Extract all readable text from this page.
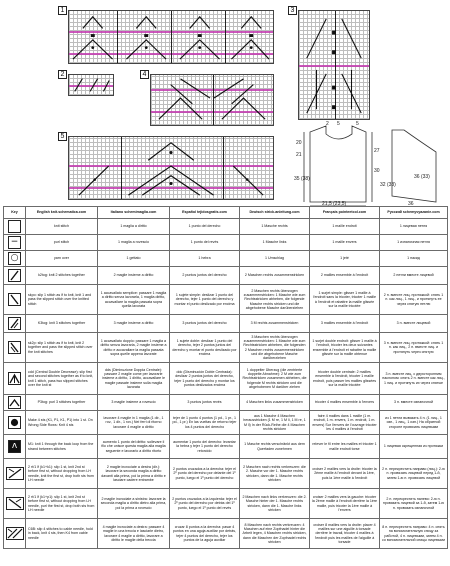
1
2	4
5
3
2 5	5
20
21
27
30
35 (38)
32 (33)
36 (33)
21,5 (23,5)	36
Key	English knit.schematica.com	Italiano schemimaglia.com	Español tejidosgratis.com	Deutsch strick.anleitung.com	Français pointeetcol.com	Русский schemyvyazanie.com

	knit stitch	1 maglia a diritto	1 punto del derecho	1 Masche rechts	1 maille endroit	1 лицевая петля

−	purl stitch	1 maglia a rovescio	1 punto del revés	1 Masche links	1 maille envers	1 изнаночная петля

○	yarn over	1 gettato	1 hebra	1 Umschlag	1 jeté	1 накид

	k2tog: knit 2 stitches together	2 maglie insieme a diritto	2 puntos juntos del derecho	2 Maschen rechts zusammenstricken	2 mailles ensemble à l'endroit	2 петли вместе лицевой

	skpo: slip 1 stitch as if to knit, knit 1 and pass the slipped stitch over the knitted stitch	1 accavallato semplice: passare 1 maglia a diritto senza lavorarla, 1 maglia diritto, accavallare la maglia passata sopra quella lavorata	1 sujete simple: deslizar 1 punto del derecho, tejer 1 punto del derecho y montar el punto deslizado por encima	2 Maschen rechts überzogen zusammenstricken: 1 Masche wie zum Rechtsstricken abheben, die folgende Masche rechts stricken und die abgehobene Masche darüberziehen	1 surjet simple: glisser 1 maille à l'endroit sans la tricoter, tricoter 1 maille à l'endroit et rabattre la maille glissée sur la maille tricotée	2 п. вместе лиц. протяжкой: снять 1 п. как лиц., 1 лиц., и протянуть ее через снятую петлю

	K3tog: knit 3 stitches together	3 maglie insieme a diritto	3 puntos juntos del derecho	3 M rechts zusammenstricken	3 mailles ensemble à l'endroit	3 п. вместе лицевой

	sk2p: slip 1 stitch as if to knit, knit 2 together and pass the slipped stitch over the knit stitches	1 accavallato doppio: passare 1 maglia a diritto senza lavorarla, 2 maglie insieme a diritto e accavallare la maglia passata sopra quelle appena lavorate	1 sujete doble: deslizar 1 punto del derecho, tejer 2 puntos juntos del derecho y montar el punto deslizado por encima	3 Maschen rechts überzogen zusammenstricken: 1 Masche wie zum Rechtsstricken abheben, die folgenden 2 Maschen rechts zusammenstricken und die abgehobene Masche darüberziehen	1 surjet double endroit: glisser 1 maille à l'endroit, tricoter les deux suivantes ensemble à l'endroit et rabattre la maille glissée sur la maille obtenue	3 п. вместе лиц. протяжкой: снять 1 п. как лиц., 2 п. вместе лиц. и протянуть через снятую

	cdd (Central Double Decrease): slip first and second stitches together as if to knit, knit 1 stitch, pass two slipped stitches over the knit st	dds (Diminuzione Doppia Centrale): passare 2 maglie come per lavorarle insieme a diritto, 1 diritto, accavallare le maglie passate insieme sulla maglia lavorata	ddc (Disminución Doble Centrada): deslizar 2 puntos juntos del derecho, tejer 1 punto del derecho y montar los puntos deslizados encima	1 doppelter Überzug (die zentrierte doppelte Abnahme): 2 M wie zum Rechtsstricken zusammen abheben, die folgende M rechts stricken und die abgehobenen M darüber ziehen	tricoter double centrale: 2 mailles ensemble à l'endroit, tricoter 1 maille endroit, puis passer les mailles glissées sur la maille tricotée	3 п. вместе лиц. с двухсторонним наклоном: снять 2 п. вместе как лиц., 1 лиц. и протянуть их через снятые

	P3tog: purl 3 stitches together	3 maglie insieme a rovescio	3 puntos juntos revés	4 Maschen links zusammenstricken	tricoter 4 mailles ensemble à l'envers	3 п. вместе изнаночной

	Make 4 sts (K1, P1, K1, P1) into 1 st. On Wrong Side Rows: Knit 4 sts	lavorare 4 maglie in 1 maglia (1 dir., 1 rov., 1 dir., 1 rov.) Nei ferri di ritorno lavorare 4 maglie a diritto	tejer de 1 punto 4 puntos (1 pd., 1 pr., 1 pd., 1 pr.) En las vueltas de retorno tejer los 4 puntos del derecho	aus 1 Masche 4 Maschen herausstricken (1 M re, 1 M li, 1 M re, 1 M li) In der Rück-Reihe die 4 Maschen rechts stricken	faire 4 mailles dans 1 maille (1 m. endroit, 1 m. envers, 1 m. endroit, 1 m. envers) Sur l'envers de l'ouvrage tricoter les 4 mailles à l'endroit	из 1 петли вывязать 4 п. (1 лиц., 1 изн., 1 лиц., 1 изн.) На обратной стороне провязать лицевыми

ᴧ	M1: knit 1 through the back loop from the strand between stitches	aumento 1 punto del diritto: sollevare il filo che unisce questa maglia alla maglia seguente e lavorarlo a diritto ritorto	aumentar 1 punto del derecho: levantar la hebra y tejer 1 punto del derecho retorcido	1 Masche rechts verschränkt aus dem Querfaden zunehmen	relever le fil entre les mailles et tricoter 1 maille endroit torse	1 лицевая скрещенная из протяжки

	2 rt/1 lf (k1+k1): slip 1 st, knit 2nd st before first st, without dropping from LH needle, knit the first st, drop both sts from LH needle	2 maglie incrociate a destra (dir.): lavorare la seconda maglia a diritto davanti alla prima, poi la prima a diritto e lasciare cadere entrambe	2 puntos cruzados a la derecha: tejer el 2º punto del derecho por delante del 1º punto, luego el 1º punto del derecho	2 Maschen nach rechts verkreuzen: die 2. Masche vor der 1. Masche rechts stricken, dann die 1. Masche rechts stricken	croiser 2 mailles vers la droite: tricoter la 2ème maille à l'endroit devant la 1ère, puis la 1ère maille à l'endroit	2 п. перекрестить направо (лиц.): 2-ю п. провязать лицевой перед 1-й, затем 1-ю п. провязать лицевой

	2 rt/1 lf (k1+p1): slip 1 st, knit 2nd st before first st, without dropping from LH needle, purl the first st, drop both sts from LH needle	2 maglie incrociate a sinistra: lavorare la seconda maglia a diritto dietro alla prima, poi la prima a rovescio	2 puntos cruzados a la izquierda: tejer el 2º punto del derecho por detrás del 1º punto, luego el 1º punto del revés	2 Maschen nach links verkreuzen: die 2. Masche hinter der 1. Masche rechts stricken, dann die 1. Masche links stricken	croiser 2 mailles vers la gauche: tricoter la 2ème maille à l'endroit derrière la 1ère maille, puis tricoter la 1ère maille à l'envers	2 п. перекрестить налево: 2-ю п. провязать лицевой за 1-й, затем 1-ю п. провязать изнаночной

	C6B: slip 4 stitches to cable needle, hold in back, knit 4 sts, then K4 from cable needle	4 maglie incrociate a destra: passare 4 maglie in una treccia e lasciarle dietro, lavorare 4 maglie a diritto, lavorare a diritto le maglie della treccia	cruzar 8 puntos a la derecha: pasar 4 puntos en una aguja auxiliar por detrás, tejer 4 puntos del derecho, tejer los puntos de la aguja auxiliar	8 Maschen nach rechts verkreuzen: 4 Maschen auf eine Zopfnadel hinter die Arbeit legen, 4 Maschen rechts stricken, dann die Maschen der Zopfnadel rechts stricken	croiser 8 mailles vers la droite: placer 4 mailles sur une aiguille à torsade derrière le travail, tricoter 4 mailles à l'endroit puis les mailles de l'aiguille à torsade	8 п. перекрестить направо: 4 п. снять на вспомогательную спицу за работой, 4 п. лицевыми, затем 4 п. со вспомогательной спицы лицевыми
